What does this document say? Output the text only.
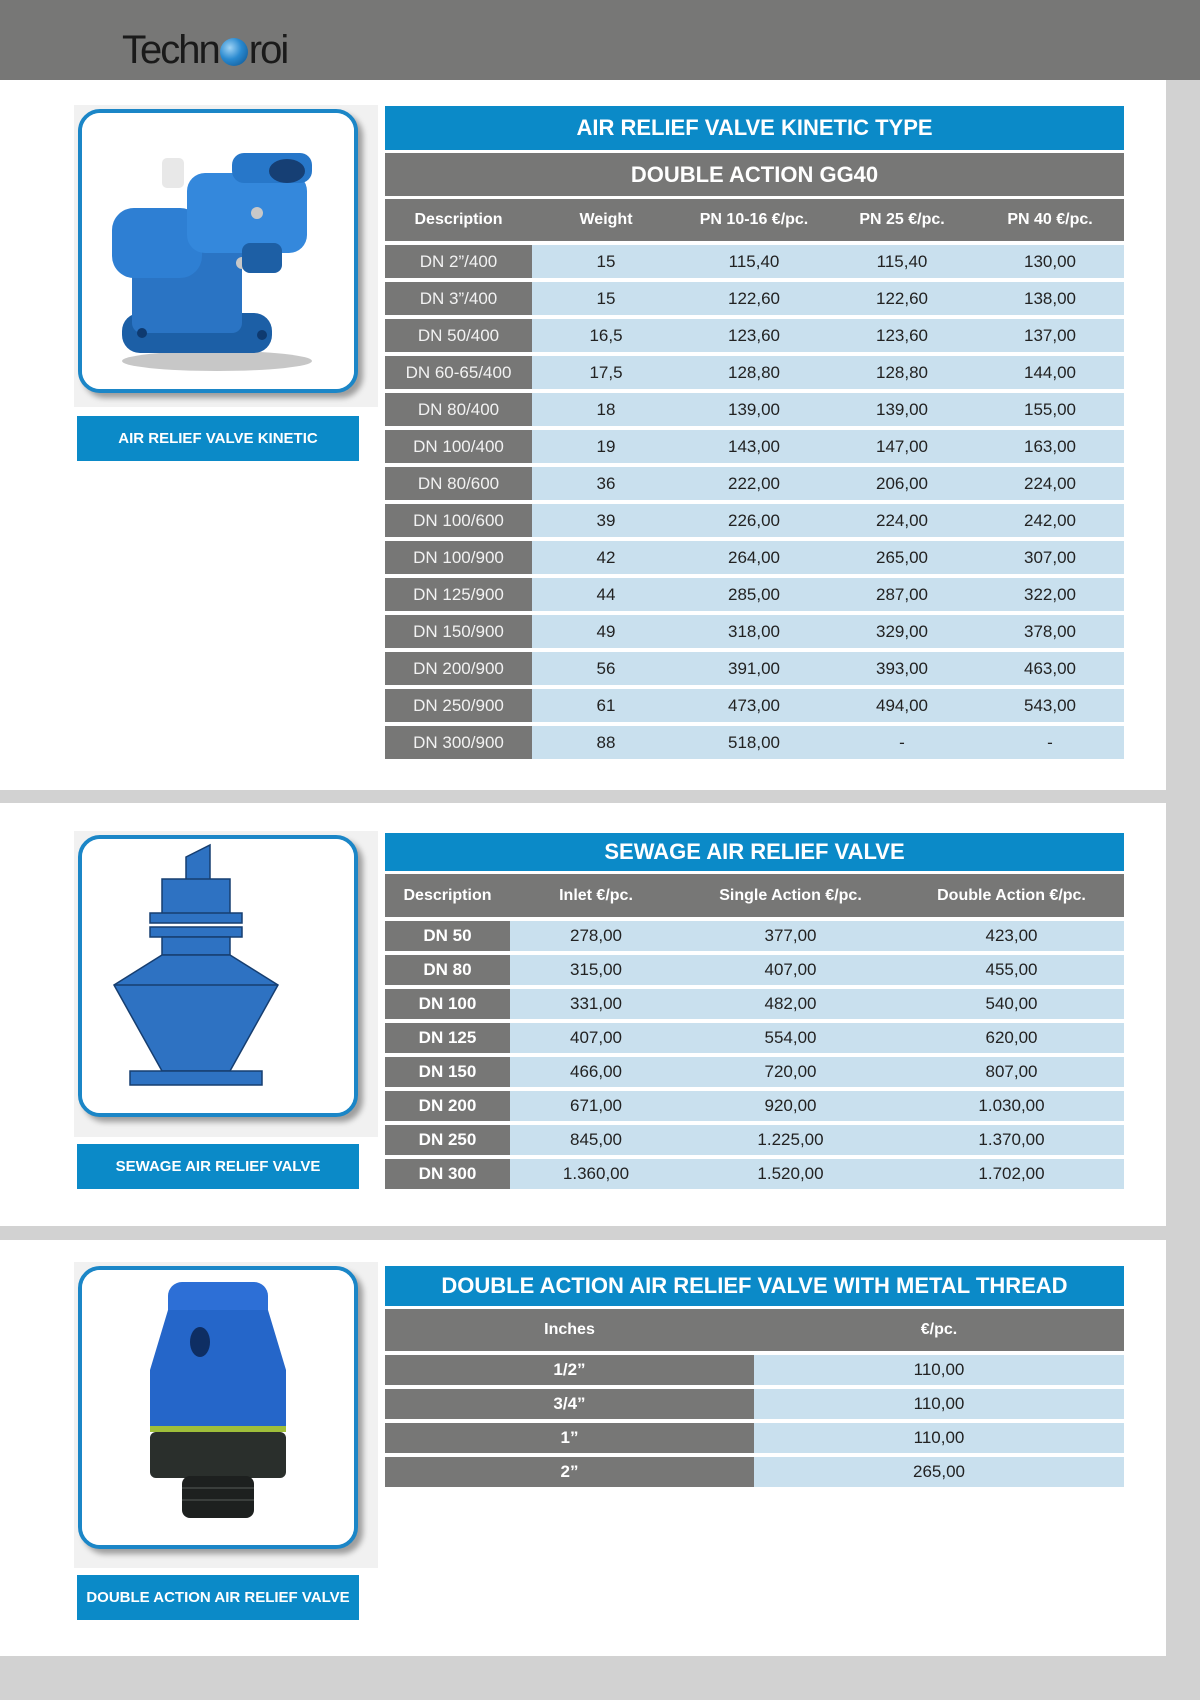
Techn roi
AIR RELIEF VALVE KINETIC
AIR RELIEF VALVE KINETIC TYPE
DOUBLE ACTION GG40
Description	Weight	PN 10-16 €/pc.	PN 25 €/pc.	PN 40 €/pc.
DN 2”/400	15	115,40	115,40	130,00
DN 3”/400	15	122,60	122,60	138,00
DN 50/400	16,5	123,60	123,60	137,00
DN 60-65/400	17,5	128,80	128,80	144,00
DN 80/400	18	139,00	139,00	155,00
DN 100/400	19	143,00	147,00	163,00
DN 80/600	36	222,00	206,00	224,00
DN 100/600	39	226,00	224,00	242,00
DN 100/900	42	264,00	265,00	307,00
DN 125/900	44	285,00	287,00	322,00
DN 150/900	49	318,00	329,00	378,00
DN 200/900	56	391,00	393,00	463,00
DN 250/900	61	473,00	494,00	543,00
DN 300/900	88	518,00	-	-
SEWAGE AIR RELIEF VALVE
SEWAGE AIR RELIEF VALVE
Description	Inlet €/pc.	Single Action €/pc.	Double Action €/pc.
DN 50	278,00	377,00	423,00
DN 80	315,00	407,00	455,00
DN 100	331,00	482,00	540,00
DN 125	407,00	554,00	620,00
DN 150	466,00	720,00	807,00
DN 200	671,00	920,00	1.030,00
DN 250	845,00	1.225,00	1.370,00
DN 300	1.360,00	1.520,00	1.702,00
DOUBLE ACTION AIR RELIEF VALVE
DOUBLE ACTION AIR RELIEF VALVE WITH METAL THREAD
Inches	€/pc.
1/2”	110,00
3/4”	110,00
1”	110,00
2”	265,00
